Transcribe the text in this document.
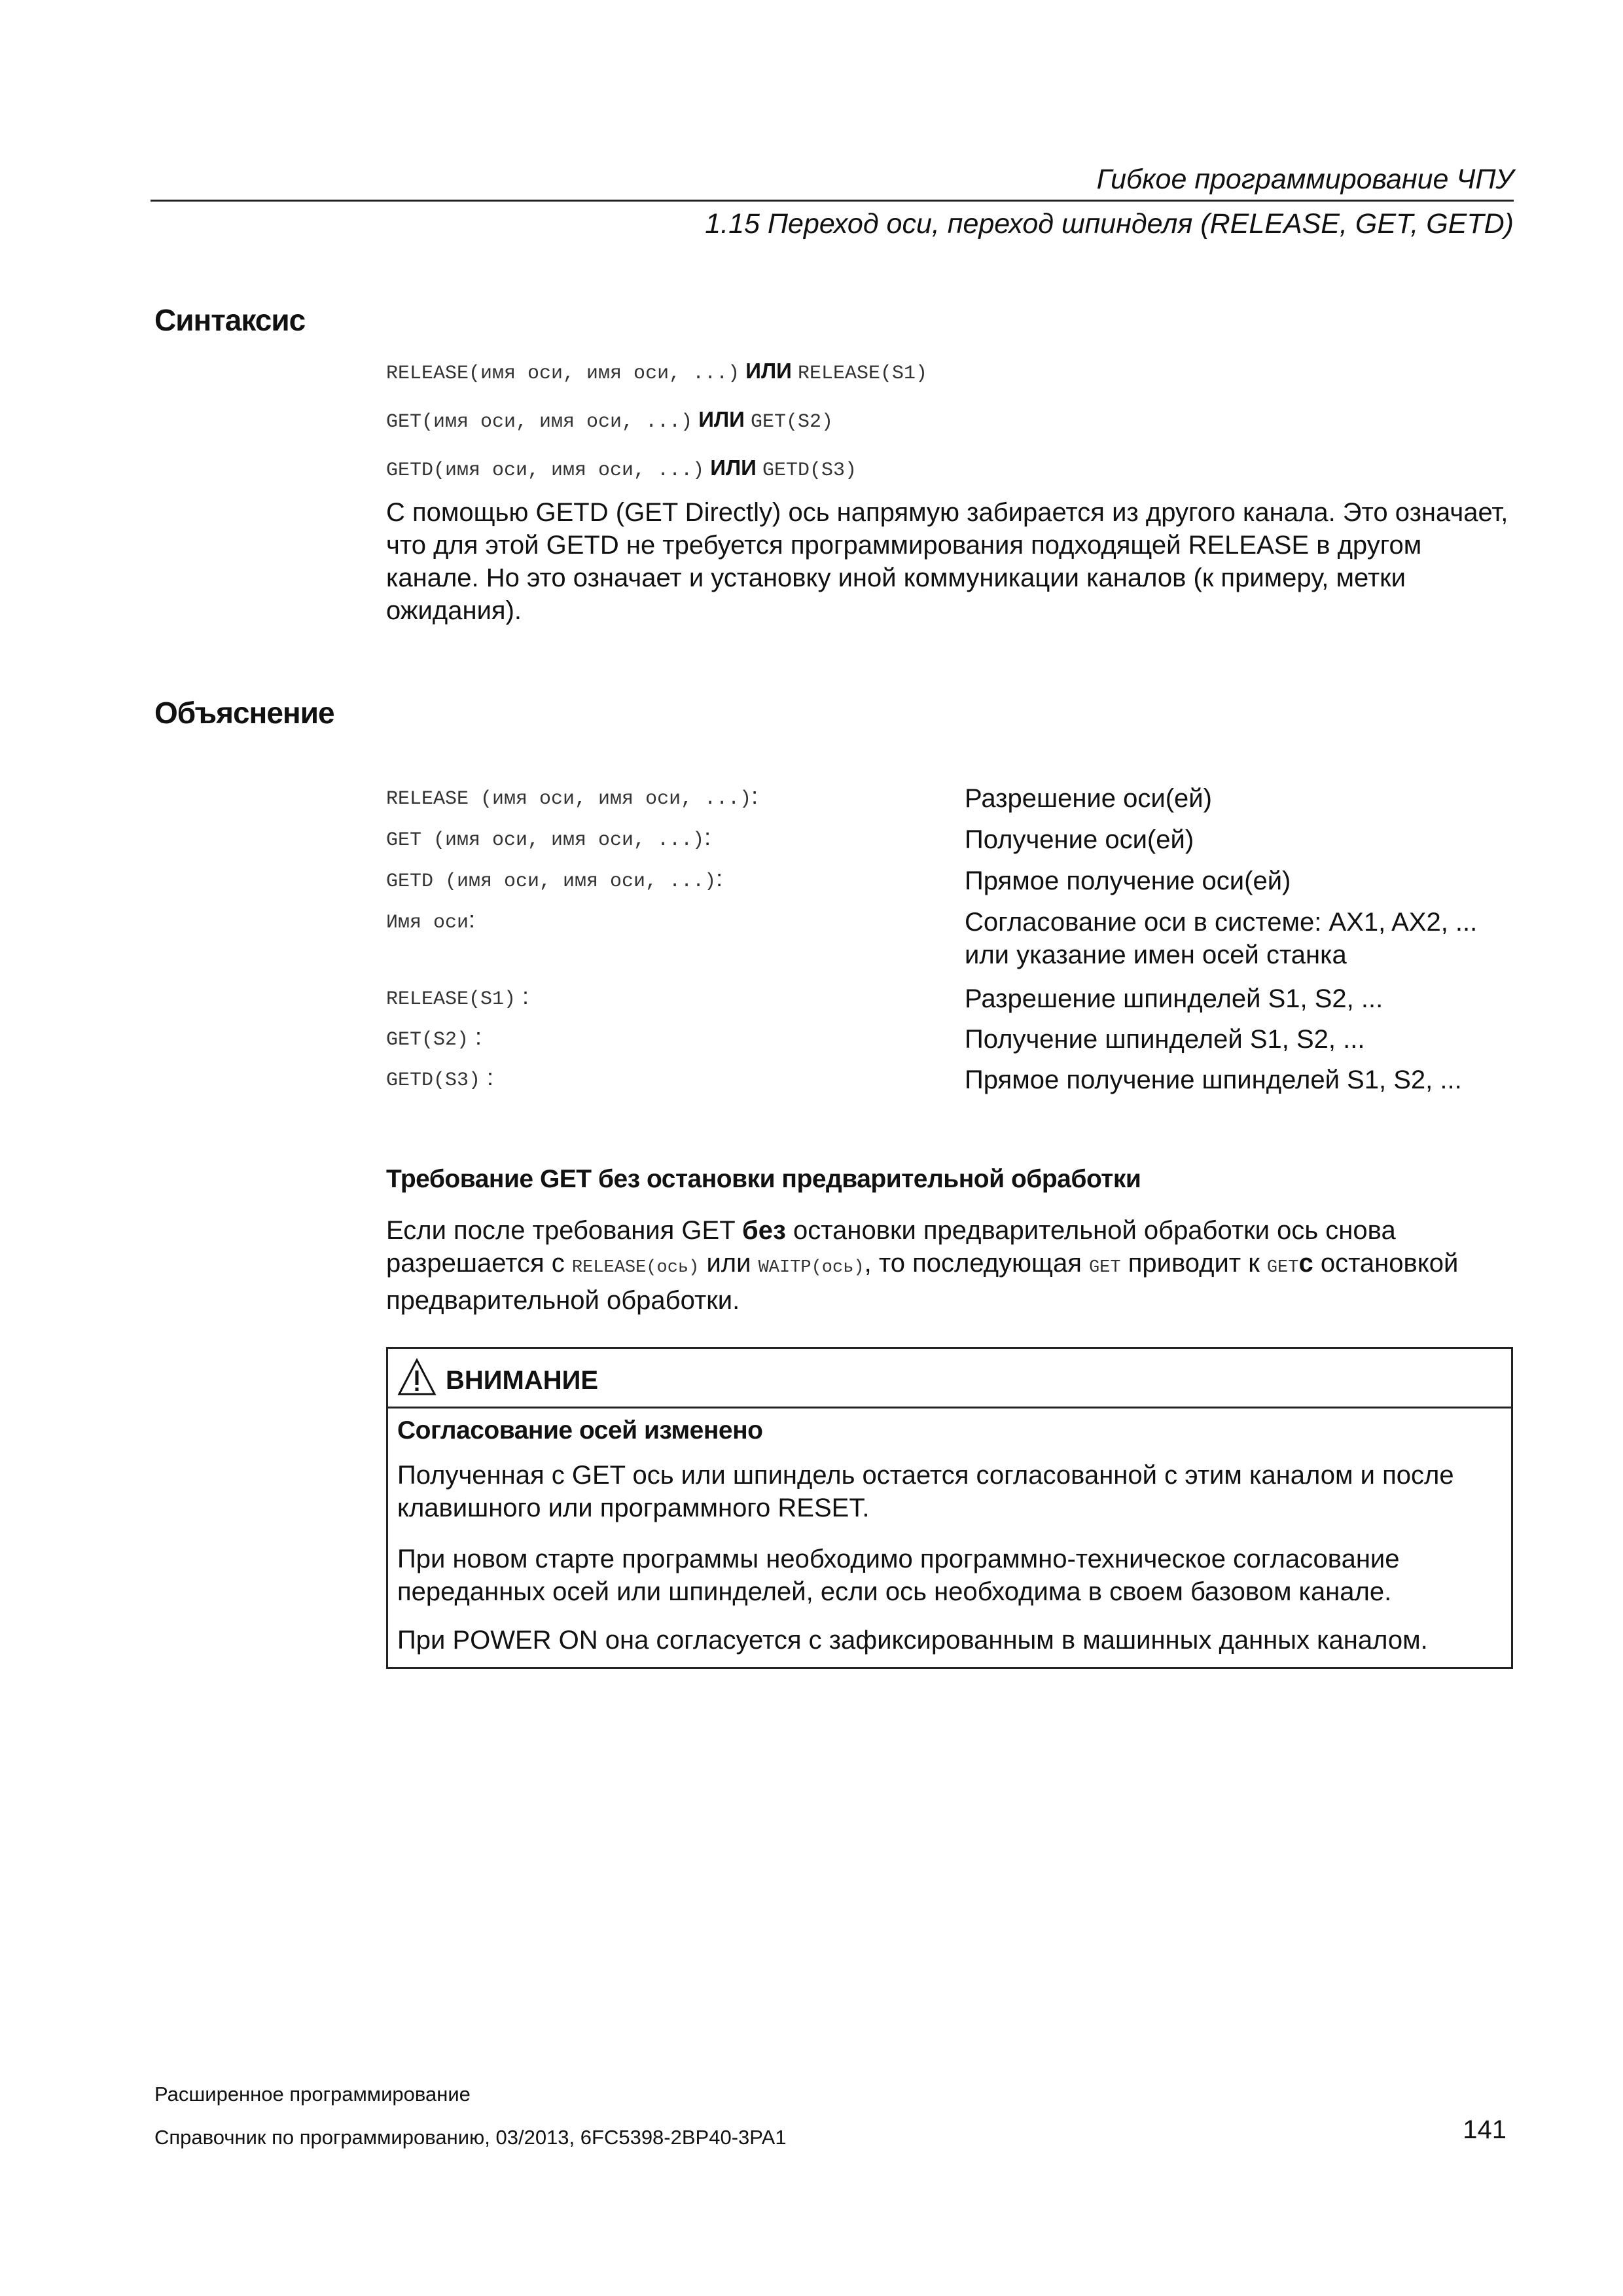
Гибкое программирование ЧПУ
1.15 Переход оси, переход шпинделя (RELEASE, GET, GETD)
Синтаксис
RELEASE(имя оси, имя оси, ...) ИЛИ RELEASE(S1)
GET(имя оси, имя оси, ...) ИЛИ GET(S2)
GETD(имя оси, имя оси, ...) ИЛИ GETD(S3)

С помощью GETD (GET Directly) ось напрямую забирается из другого канала. Это означает, что для этой GETD не требуется программирования подходящей RELEASE в другом канале. Но это означает и установку иной коммуникации каналов (к примеру, метки ожидания).

Объяснение
RELEASE (имя оси, имя оси, ...):	Разрешение оси(ей)
GET (имя оси, имя оси, ...):	Получение оси(ей)
GETD (имя оси, имя оси, ...):	Прямое получение оси(ей)
Имя оси:	Согласование оси в системе: AX1, AX2, ... или указание имен осей станка
RELEASE(S1) :	Разрешение шпинделей S1, S2, ...
GET(S2) :	Получение шпинделей S1, S2, ...
GETD(S3) :	Прямое получение шпинделей S1, S2, ...
Требование GET без остановки предварительной обработки

Если после требования GET без остановки предварительной обработки ось снова разрешается с RELEASE(ось) или WAITP(ось), то последующая GET приводит к GETс остановкой предварительной обработки.

ВНИМАНИЕ
Согласование осей изменено
Полученная с GET ось или шпиндель остается согласованной с этим каналом и после клавишного или программного RESET.
При новом старте программы необходимо программно-техническое согласование переданных осей или шпинделей, если ось необходима в своем базовом канале.
При POWER ON она согласуется с зафиксированным в машинных данных каналом.
Расширенное программирование
Справочник по программированию, 03/2013, 6FC5398-2BP40-3PA1	141
